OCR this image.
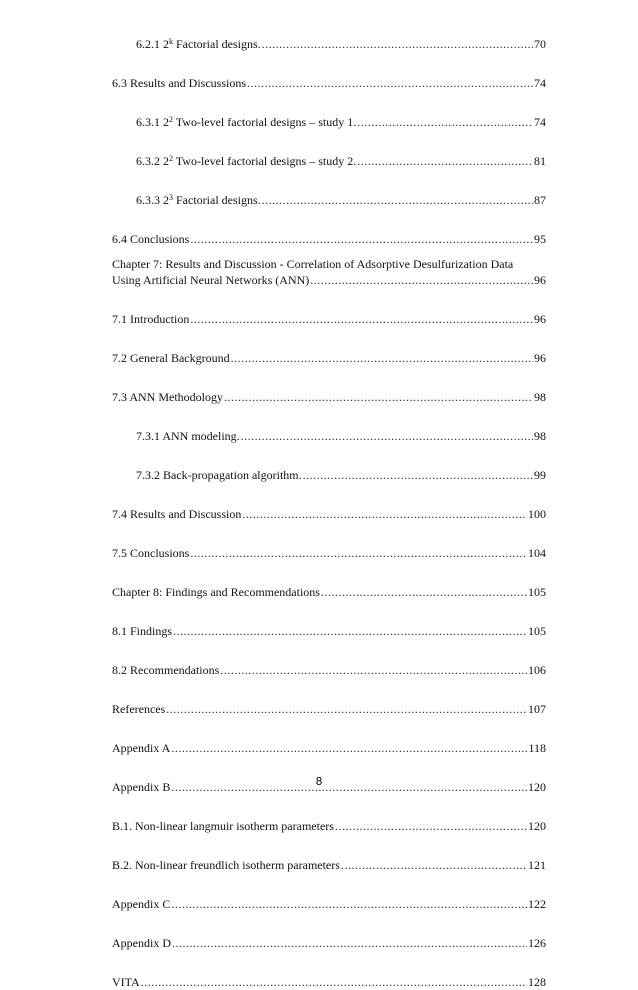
6.2.1 2$^k$ Factorial designs. .....	70
6.3 Results and Discussions .....	74
6.3.1 $2^2$ Two-level factorial designs – study 1. .....	74
6.3.2 $2^2$ Two-level factorial designs – study 2. .....	81
6.3.3 $2^3$ Factorial designs. .....	87
6.4 Conclusions .....	95
Chapter 7: Results and Discussion - Correlation of Adsorptive Desulfurization Data
Using Artificial Neural Networks (ANN) .....	96
7.1 Introduction .....	96
7.2 General Background .....	96
7.3 ANN Methodology .....	98
7.3.1 ANN modeling. .....	98
7.3.2 Back-propagation algorithm. .....	99
7.4 Results and Discussion .....	100
7.5 Conclusions .....	104
Chapter 8: Findings and Recommendations .....	105
8.1 Findings .....	105
8.2 Recommendations .....	106
References .....	107
Appendix A .....	118
Appendix B .....	120
B.1. Non-linear langmuir isotherm parameters .....	120
B.2. Non-linear freundlich isotherm parameters .....	121
Appendix C .....	122
Appendix D .....	126
VITA .....	128
8
